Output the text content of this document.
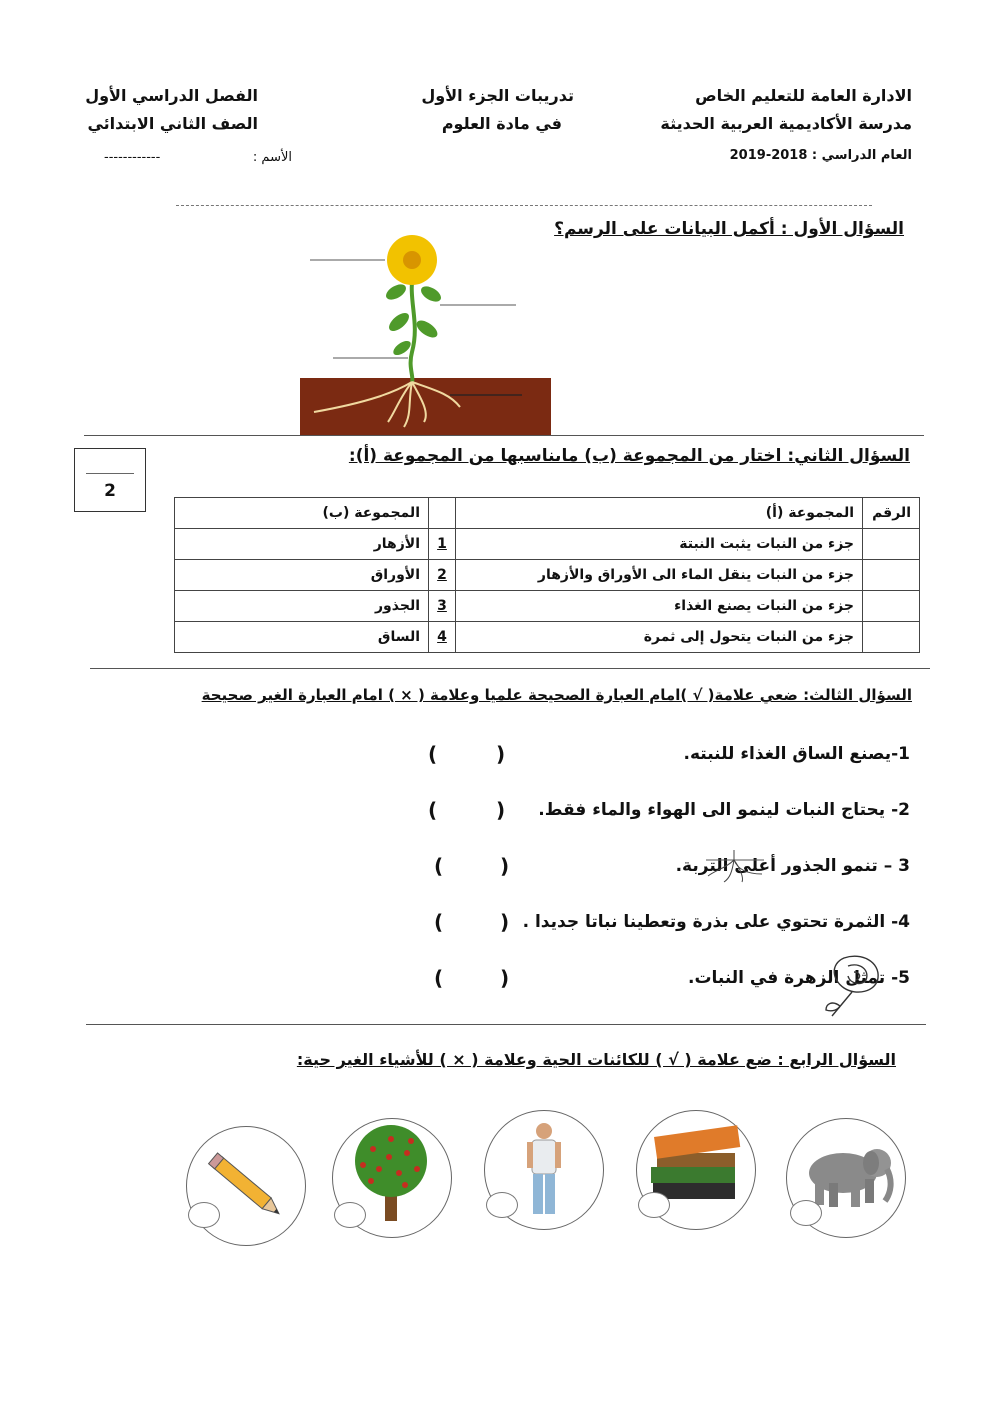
الادارة العامة للتعليم الخاص
مدرسة الأكاديمية العربية الحديثة
العام الدراسي : 2018-2019
تدريبات الجزء الأول
في مادة العلوم
الفصل الدراسي الأول
الصف الثاني الابتدائي
الأسم :
------------
السؤال الأول : أكمل البيانات على الرسم؟
2
السؤال الثاني: اختار من المجموعة (ب) ماىناسبها من المجموعة (أ):
الرقم	المجموعة (أ)		المجموعة (ب)
	جزء من النبات يثبت النبتة	1	الأزهار
	جزء من النبات ينقل الماء الى الأوراق والأزهار	2	الأوراق
	جزء من النبات يصنع الغذاء	3	الجذور
	جزء من النبات يتحول إلى ثمرة	4	الساق
السؤال الثالث: ضعي علامة( √ )امام العبارة الصحيحة علميا وعلامة ( × ) امام العبارة الغير صحيحة
1-يصنع الساق الغذاء للنبته.
(	)
2- يحتاج النبات لينمو الى الهواء والماء فقط.
(	)
3 – تنمو الجذور أعلى التربة.
(	)
4- الثمرة تحتوي على بذرة وتعطينا نباتا جديدا .
(	)
5- تمثل الزهرة في النبات.
(	)
السؤال الرابع : ضع علامة ( √ ) للكائنات الحية وعلامة ( × ) للأشياء الغير حية:
